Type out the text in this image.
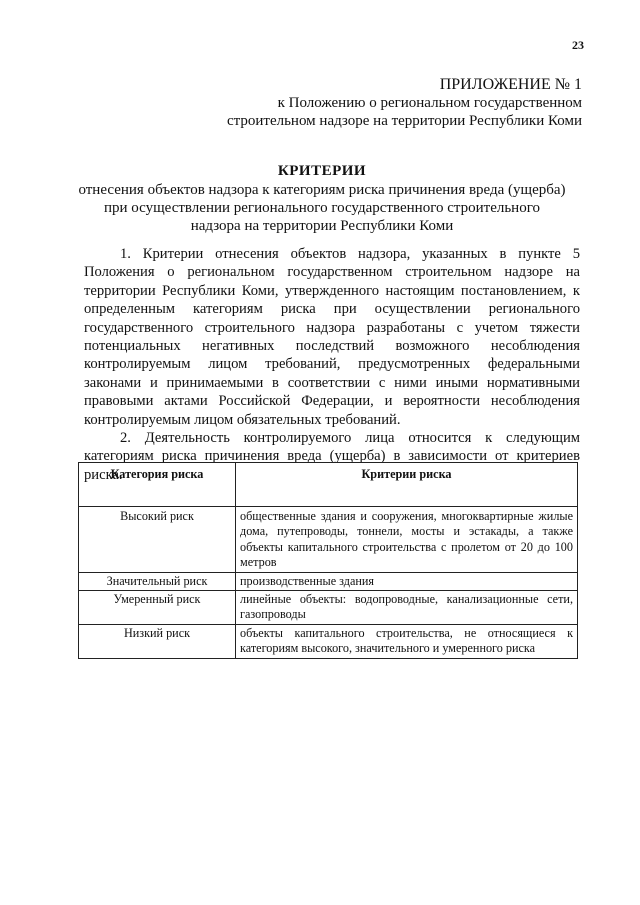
23
ПРИЛОЖЕНИЕ № 1
к Положению о региональном государственном
строительном надзоре на территории Республики Коми
КРИТЕРИИ
отнесения объектов надзора к категориям риска причинения вреда (ущерба)
при осуществлении регионального государственного строительного
надзора на территории Республики Коми

1. Критерии отнесения объектов надзора, указанных в пункте 5 Положения о региональном государственном строительном надзоре на территории Республики Коми, утвержденного настоящим постановлением, к определенным категориям риска при осуществлении регионального государственного строительного надзора разработаны с учетом тяжести потенциальных негативных последствий возможного несоблюдения контролируемым лицом требований, предусмотренных федеральными законами и принимаемыми в соответствии с ними иными нормативными правовыми актами Российской Федерации, и вероятности несоблюдения контролируемым лицом обязательных требований.

2. Деятельность контролируемого лица относится к следующим категориям риска причинения вреда (ущерба) в зависимости от критериев риска.

Категория риска	Критерии риска
Высокий риск	общественные здания и сооружения, многоквартирные жилые дома, путепроводы, тоннели, мосты и эстакады, а также объекты капитального строительства с пролетом от 20 до 100 метров
Значительный риск	производственные здания
Умеренный риск	линейные объекты: водопроводные, канализационные сети, газопроводы
Низкий риск	объекты капитального строительства, не относящиеся к категориям высокого, значительного и умеренного риска
